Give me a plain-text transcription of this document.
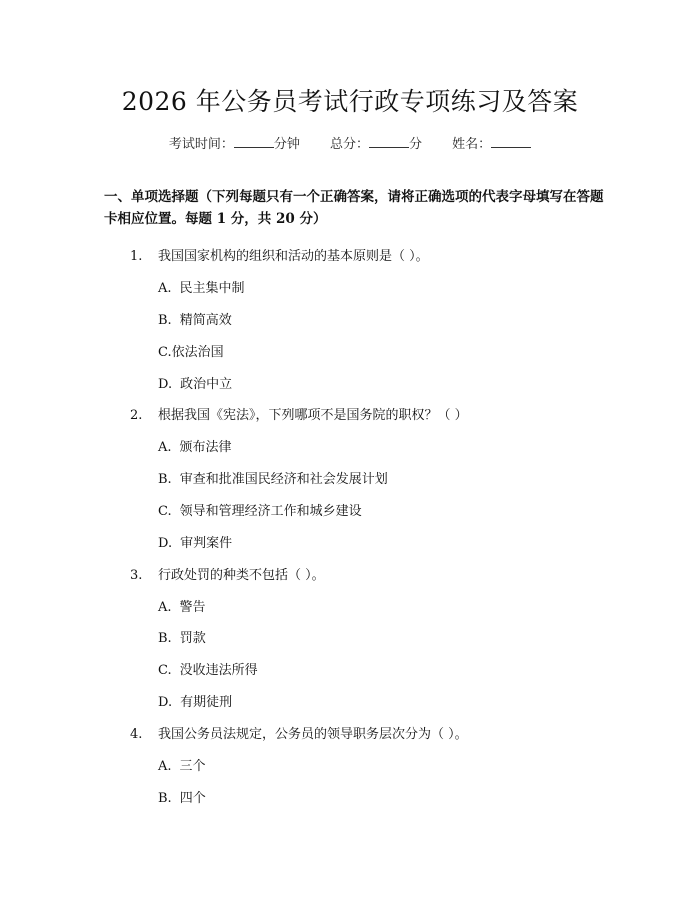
2026 年公务员考试行政专项练习及答案
考试时间：	分钟 总分：	分 姓名：
一、单项选择题（下列每题只有一个正确答案，请将正确选项的代表字母填写在答题卡相应位置。每题 1 分，共 20 分）
1. 我国国家机构的组织和活动的基本原则是（ ）。
A. 民主集中制
B. 精简高效
C.依法治国
D. 政治中立
2. 根据我国《宪法》，下列哪项不是国务院的职权？（ ）
A. 颁布法律
B. 审查和批准国民经济和社会发展计划
C. 领导和管理经济工作和城乡建设
D. 审判案件
3. 行政处罚的种类不包括（ ）。
A. 警告
B. 罚款
C. 没收违法所得
D. 有期徒刑
4. 我国公务员法规定，公务员的领导职务层次分为（ ）。
A. 三个
B. 四个
